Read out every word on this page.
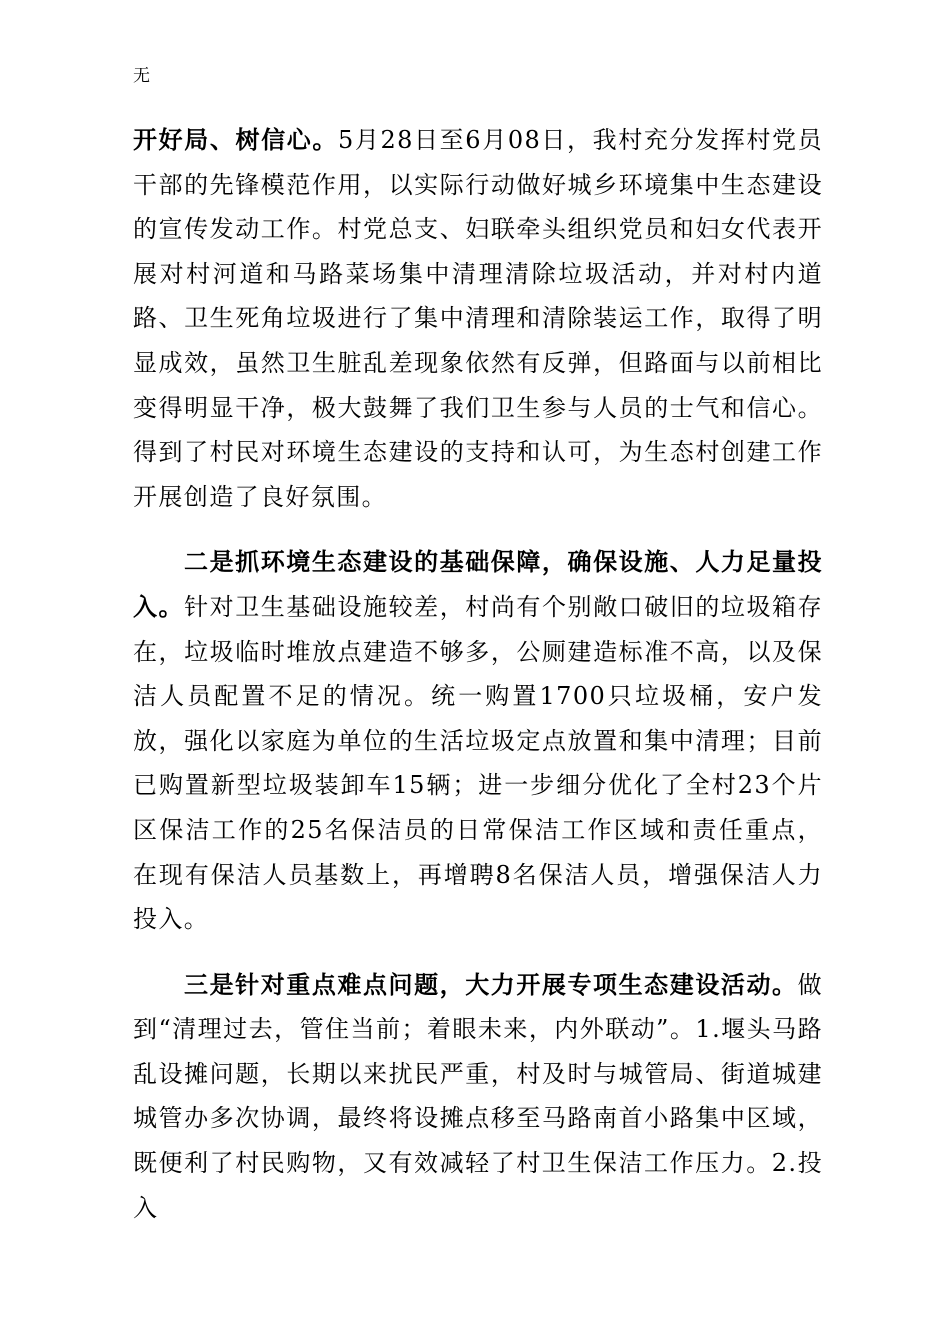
无

开好局、树信心。5月28日至6月08日，我村充分发挥村党员干部的先锋模范作用，以实际行动做好城乡环境集中生态建设的宣传发动工作。村党总支、妇联牵头组织党员和妇女代表开展对村河道和马路菜场集中清理清除垃圾活动，并对村内道路、卫生死角垃圾进行了集中清理和清除装运工作，取得了明显成效，虽然卫生脏乱差现象依然有反弹，但路面与以前相比变得明显干净，极大鼓舞了我们卫生参与人员的士气和信心。得到了村民对环境生态建设的支持和认可，为生态村创建工作开展创造了良好氛围。

二是抓环境生态建设的基础保障，确保设施、人力足量投入。针对卫生基础设施较差，村尚有个别敞口破旧的垃圾箱存在，垃圾临时堆放点建造不够多，公厕建造标准不高，以及保洁人员配置不足的情况。统一购置1700只垃圾桶，安户发放，强化以家庭为单位的生活垃圾定点放置和集中清理；目前已购置新型垃圾装卸车15辆；进一步细分优化了全村23个片区保洁工作的25名保洁员的日常保洁工作区域和责任重点，在现有保洁人员基数上，再增聘8名保洁人员，增强保洁人力投入。

三是针对重点难点问题，大力开展专项生态建设活动。做到“清理过去，管住当前；着眼未来，内外联动”。1.堰头马路乱设摊问题，长期以来扰民严重，村及时与城管局、街道城建城管办多次协调，最终将设摊点移至马路南首小路集中区域，既便利了村民购物，又有效减轻了村卫生保洁工作压力。2.投入
